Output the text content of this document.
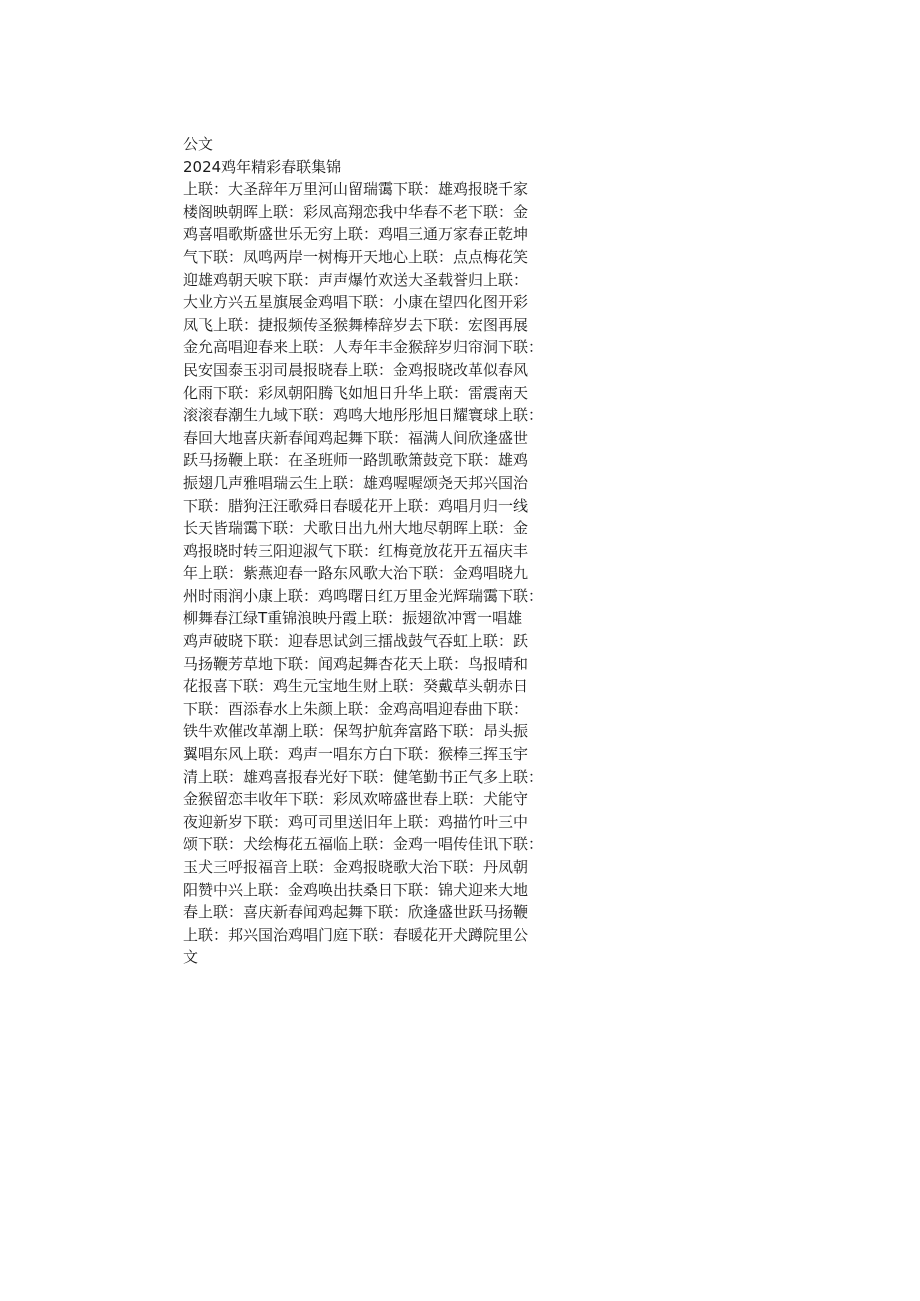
公文
2024鸡年精彩春联集锦
上联：大圣辞年万里河山留瑞霭下联：雄鸡报晓千家
楼阁映朝晖上联：彩凤高翔恋我中华春不老下联：金
鸡喜唱歌斯盛世乐无穷上联：鸡唱三通万家春正乾坤
气下联：凤鸣两岸一树梅开天地心上联：点点梅花笑
迎雄鸡朝天唳下联：声声爆竹欢送大圣载誉归上联：
大业方兴五星旗展金鸡唱下联：小康在望四化图开彩
凤飞上联：捷报频传圣猴舞棒辞岁去下联：宏图再展
金允高唱迎春来上联：人寿年丰金猴辞岁归帘洞下联：
民安国泰玉羽司晨报晓春上联：金鸡报晓改革似春风
化雨下联：彩凤朝阳腾飞如旭日升华上联：雷震南天
滚滚春潮生九域下联：鸡鸣大地彤彤旭日耀寰球上联：
春回大地喜庆新春闻鸡起舞下联：福满人间欣逢盛世
跃马扬鞭上联：在圣班师一路凯歌箫鼓竞下联：雄鸡
振翅几声雅唱瑞云生上联：雄鸡喔喔颂尧天邦兴国治
下联：腊狗汪汪歌舜日春暖花开上联：鸡唱月归一线
长天皆瑞霭下联：犬歌日出九州大地尽朝晖上联：金
鸡报晓时转三阳迎淑气下联：红梅竟放花开五福庆丰
年上联：紫燕迎春一路东风歌大治下联：金鸡唱晓九
州时雨润小康上联：鸡鸣曙日红万里金光辉瑞霭下联：
柳舞春江绿T重锦浪映丹霞上联：振翅欲冲霄一唱雄
鸡声破晓下联：迎春思试剑三擂战鼓气吞虹上联：跃
马扬鞭芳草地下联：闻鸡起舞杏花天上联：鸟报晴和
花报喜下联：鸡生元宝地生财上联：癸戴草头朝赤日
下联：酉添春水上朱颜上联：金鸡高唱迎春曲下联：
铁牛欢催改革潮上联：保驾护航奔富路下联：昂头振
翼唱东风上联：鸡声一唱东方白下联：猴棒三挥玉宇
清上联：雄鸡喜报春光好下联：健笔勤书正气多上联：
金猴留恋丰收年下联：彩凤欢啼盛世春上联：犬能守
夜迎新岁下联：鸡可司里送旧年上联：鸡描竹叶三中
颂下联：犬绘梅花五福临上联：金鸡一唱传佳讯下联：
玉犬三呼报福音上联：金鸡报晓歌大治下联：丹凤朝
阳赞中兴上联：金鸡唤出扶桑日下联：锦犬迎来大地
春上联：喜庆新春闻鸡起舞下联：欣逢盛世跃马扬鞭
上联：邦兴国治鸡唱门庭下联：春暖花开犬蹲院里公
文
